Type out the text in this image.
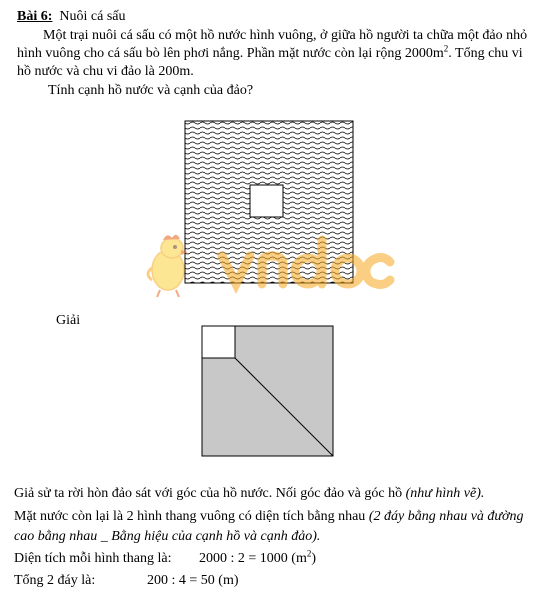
Bài 6: Nuôi cá sấu
Một trại nuôi cá sấu có một hồ nước hình vuông, ở giữa hồ người ta chữa một đảo nhỏ
hình vuông cho cá sấu bò lên phơi nắng. Phần mặt nước còn lại rộng $2000m^2$. Tổng chu vi
hồ nước và chu vi đảo là 200m.
Tính cạnh hồ nước và cạnh của đảo?
vndoc
Giải
Giả sử ta rời hòn đảo sát với góc của hồ nước. Nối góc đảo và góc hồ (như hình vẽ).
Mặt nước còn lại là 2 hình thang vuông có diện tích bằng nhau (2 đáy bằng nhau và đường
cao bằng nhau _ Bằng hiệu của cạnh hồ và cạnh đảo).
Diện tích mỗi hình thang là: 2000 : 2 = 1000 $(m^2)$
Tổng 2 đáy là:	200 : 4 = 50 (m)
